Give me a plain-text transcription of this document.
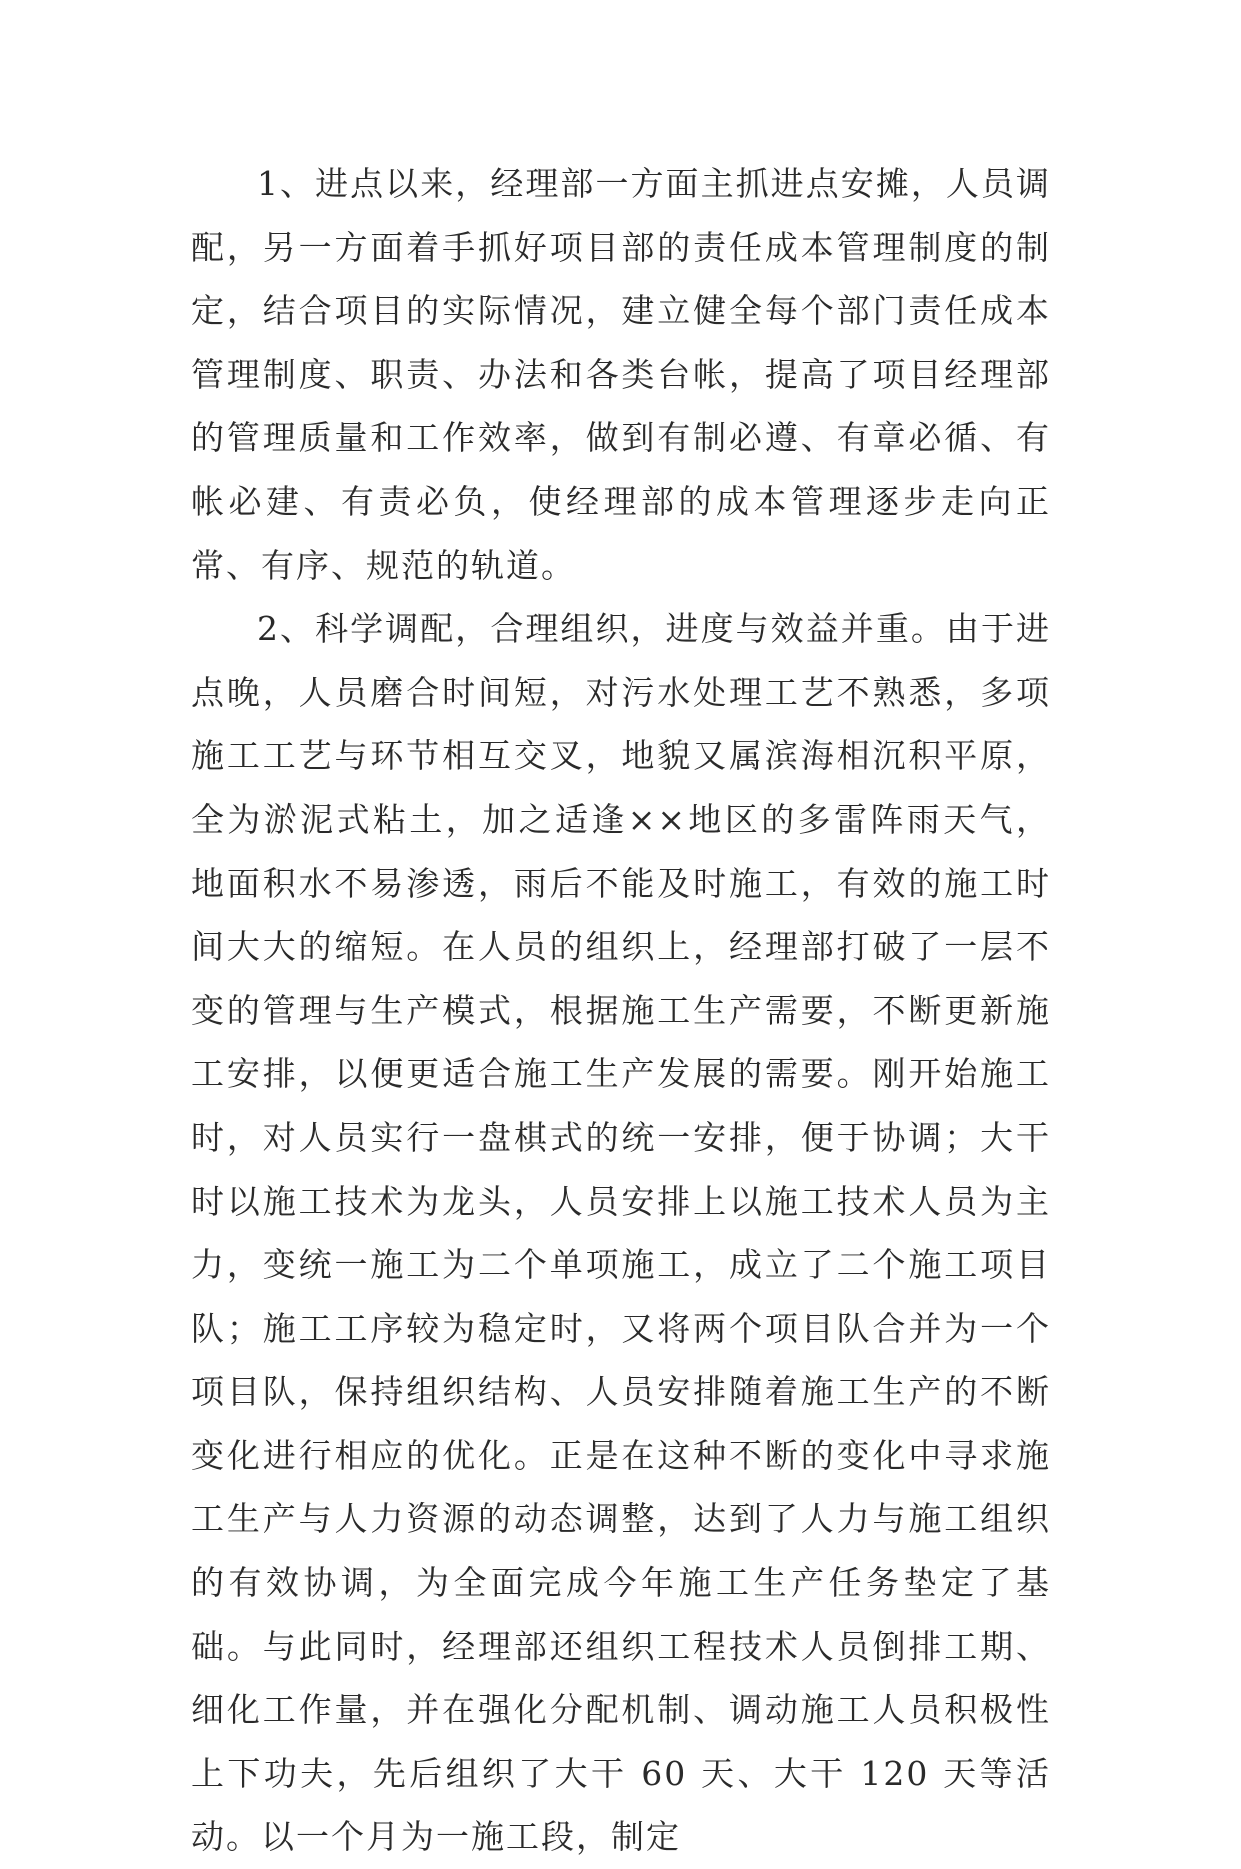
1、进点以来，经理部一方面主抓进点安摊，人员调配，另一方面着手抓好项目部的责任成本管理制度的制定，结合项目的实际情况，建立健全每个部门责任成本管理制度、职责、办法和各类台帐，提高了项目经理部的管理质量和工作效率，做到有制必遵、有章必循、有帐必建、有责必负，使经理部的成本管理逐步走向正常、有序、规范的轨道。

2、科学调配，合理组织，进度与效益并重。由于进点晚，人员磨合时间短，对污水处理工艺不熟悉，多项施工工艺与环节相互交叉，地貌又属滨海相沉积平原，全为淤泥式粘土，加之适逢××地区的多雷阵雨天气，地面积水不易渗透，雨后不能及时施工，有效的施工时间大大的缩短。在人员的组织上，经理部打破了一层不变的管理与生产模式，根据施工生产需要，不断更新施工安排，以便更适合施工生产发展的需要。刚开始施工时，对人员实行一盘棋式的统一安排，便于协调；大干时以施工技术为龙头，人员安排上以施工技术人员为主力，变统一施工为二个单项施工，成立了二个施工项目队；施工工序较为稳定时，又将两个项目队合并为一个项目队，保持组织结构、人员安排随着施工生产的不断变化进行相应的优化。正是在这种不断的变化中寻求施工生产与人力资源的动态调整，达到了人力与施工组织的有效协调，为全面完成今年施工生产任务垫定了基础。与此同时，经理部还组织工程技术人员倒排工期、细化工作量，并在强化分配机制、调动施工人员积极性上下功夫，先后组织了大干 60 天、大干 120 天等活动。以一个月为一施工段，制定
